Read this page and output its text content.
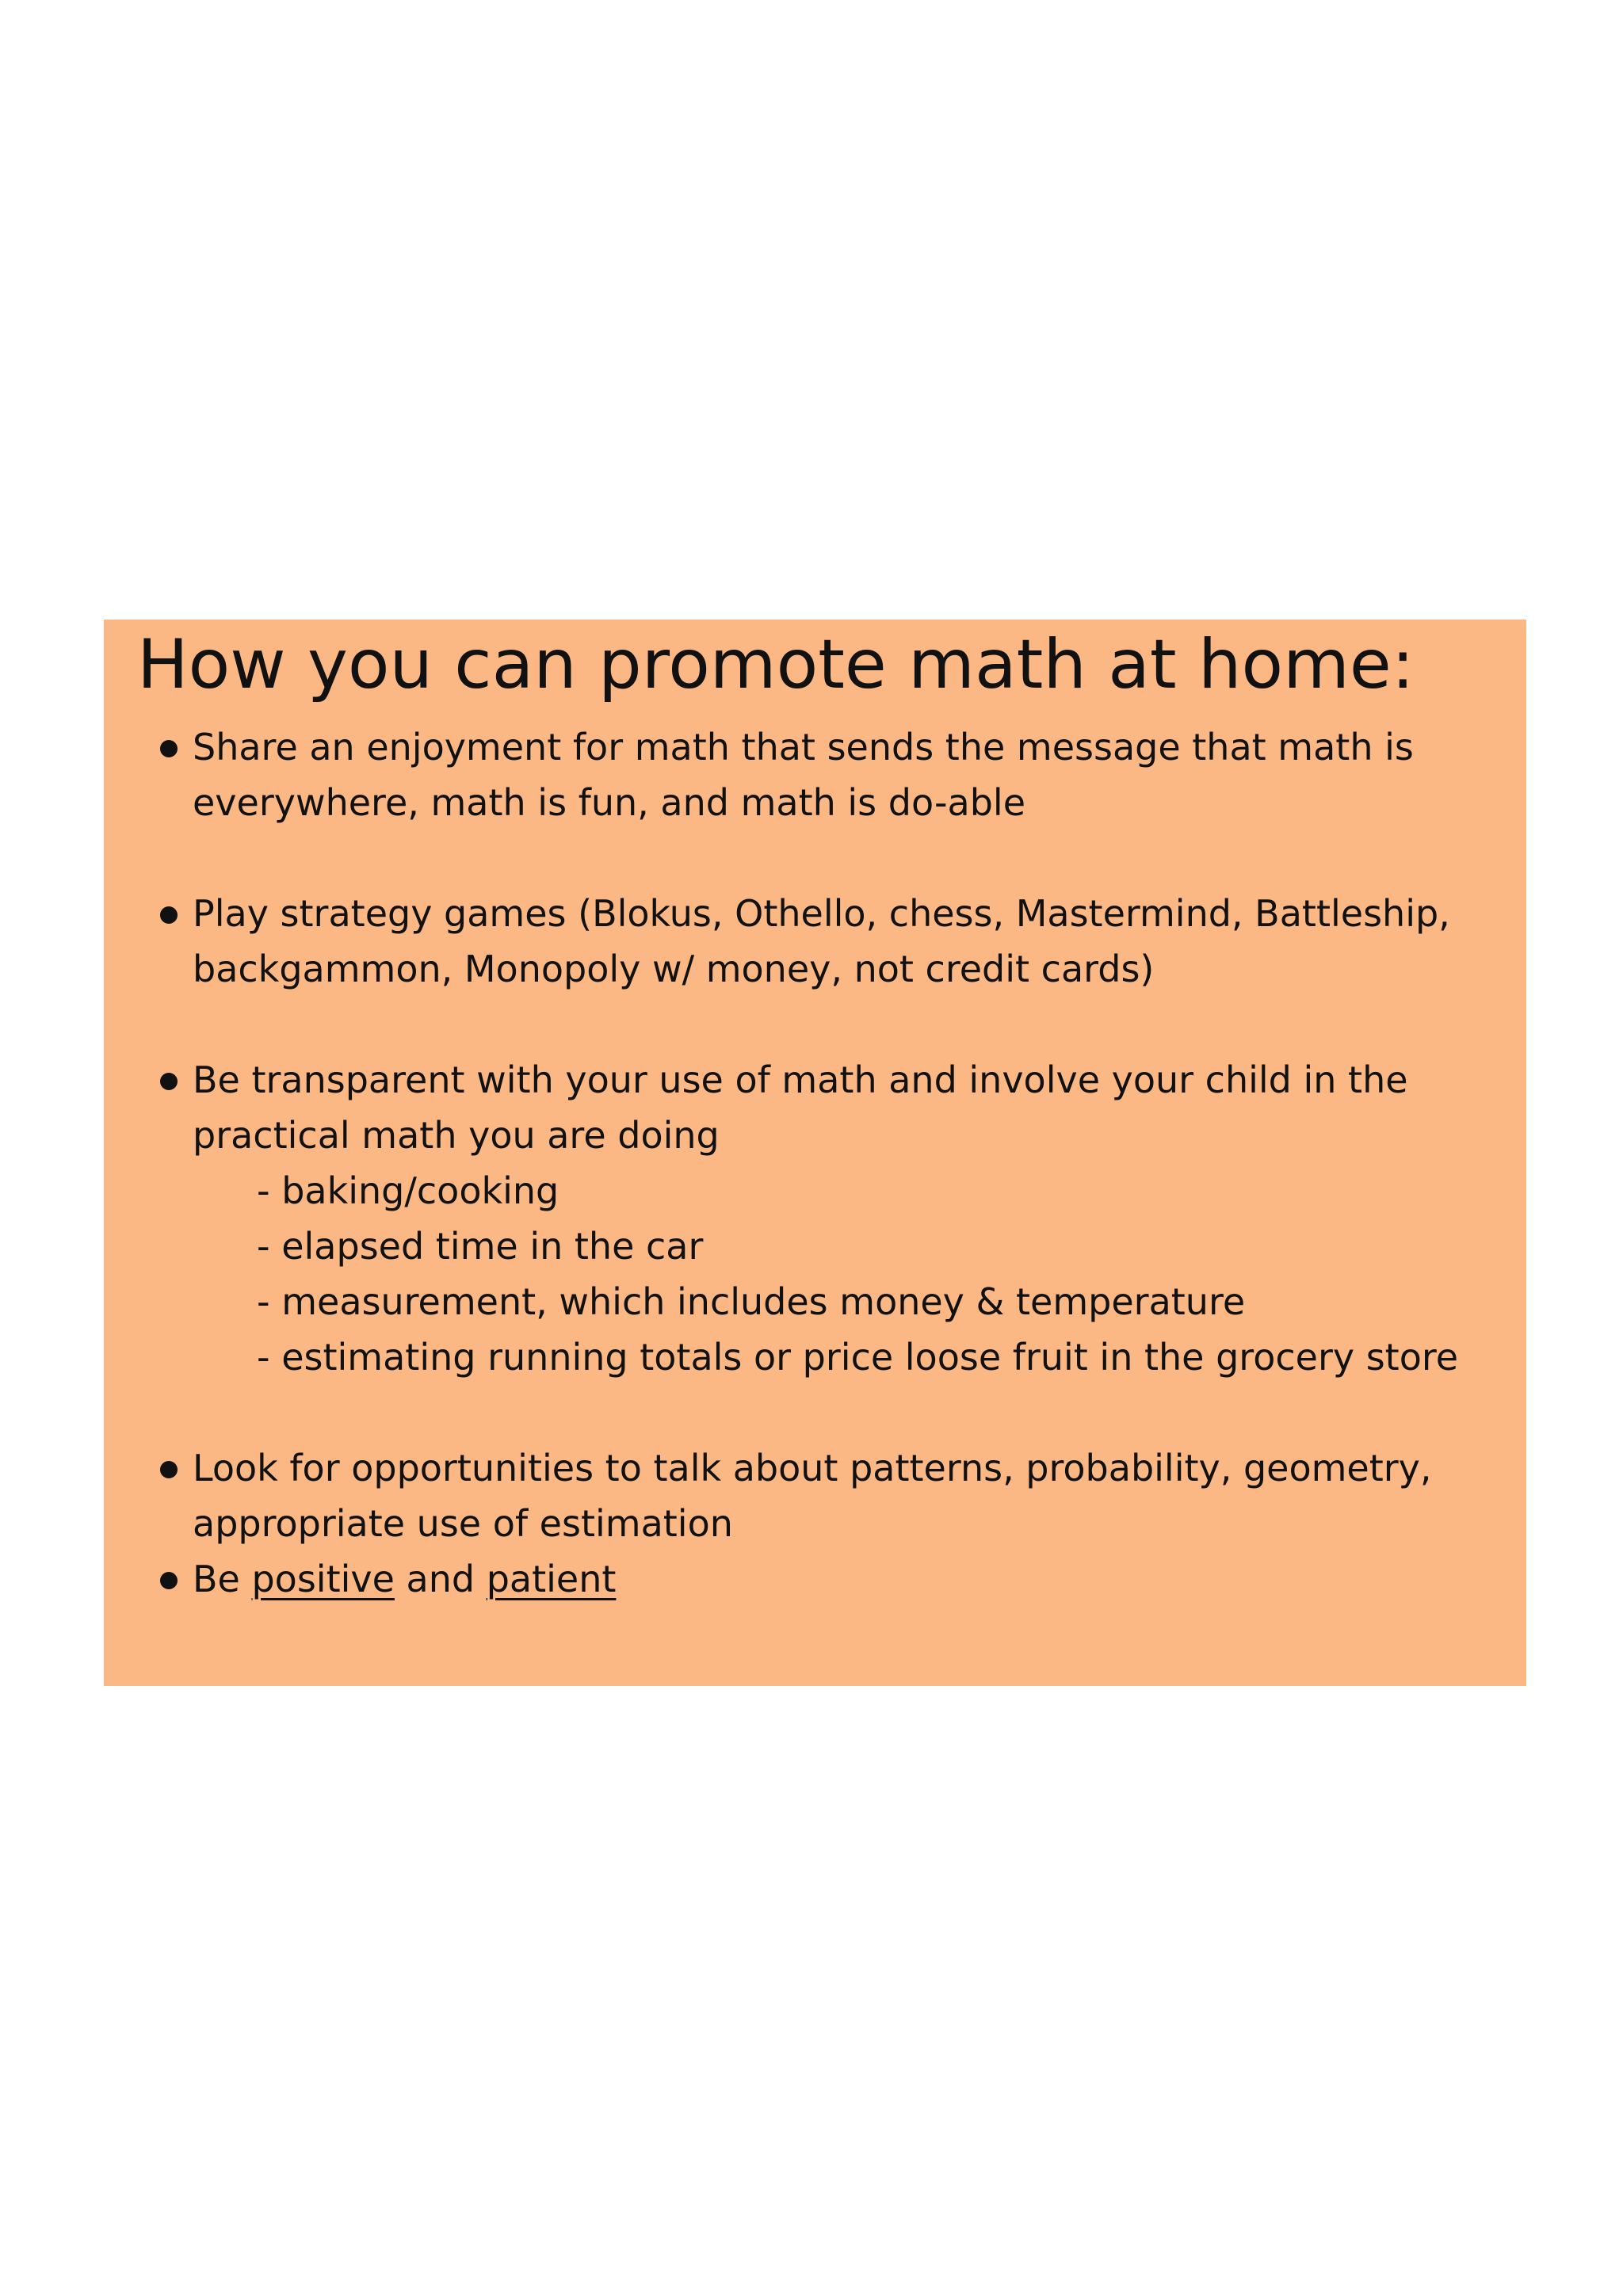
How you can promote math at home:
Share an enjoyment for math that sends the message that math is
everywhere, math is fun, and math is do-able
Play strategy games (Blokus, Othello, chess, Mastermind, Battleship,
backgammon, Monopoly w/ money, not credit cards)
Be transparent with your use of math and involve your child in the
practical math you are doing
- baking/cooking
- elapsed time in the car
- measurement, which includes money & temperature
- estimating running totals or price loose fruit in the grocery store
Look for opportunities to talk about patterns, probability, geometry,
appropriate use of estimation
Be positive and patient
